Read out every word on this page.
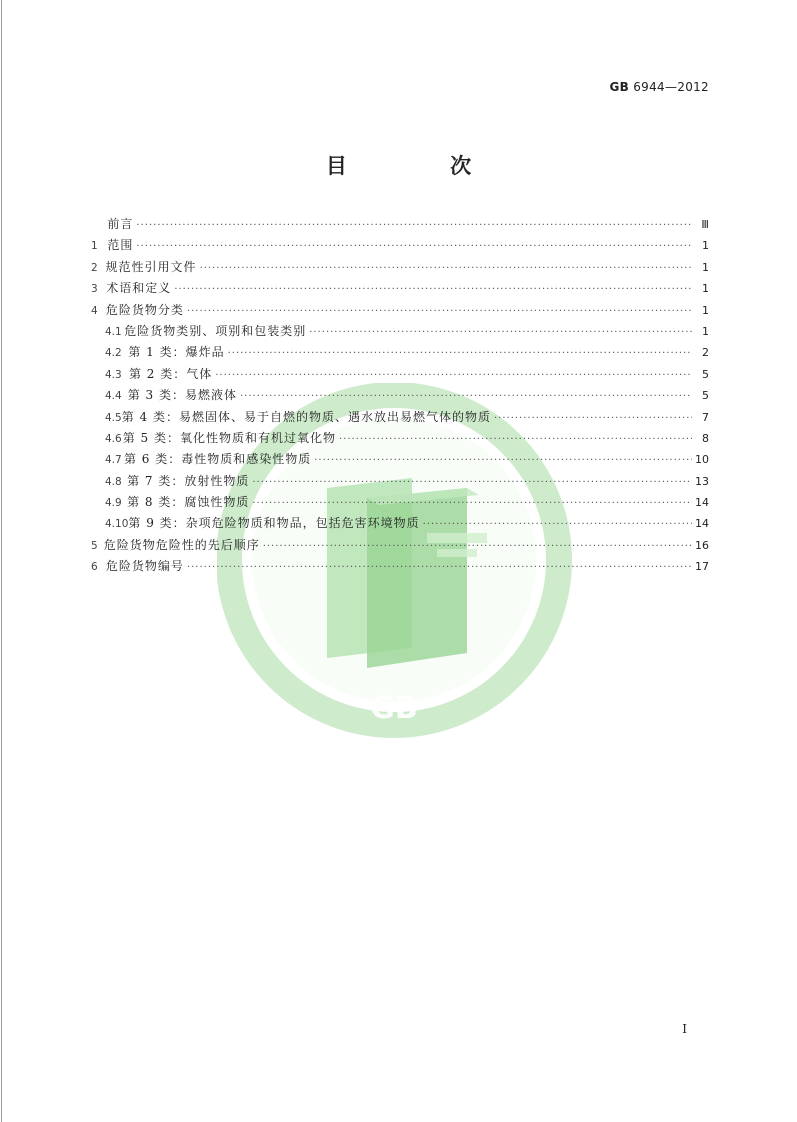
GB 6944—2012
目 次
GB
前言 ·····	Ⅲ
1 范围 ·····	1
2 规范性引用文件 ·····	1
3 术语和定义 ·····	1
4 危险货物分类 ·····	1
4.1 危险货物类别、项别和包装类别 ·····	1
4.2 第 1 类：爆炸品 ·····	2
4.3 第 2 类：气体 ·····	5
4.4 第 3 类：易燃液体 ·····	5
4.5 第 4 类：易燃固体、易于自燃的物质、遇水放出易燃气体的物质 ·····	7
4.6 第 5 类：氧化性物质和有机过氧化物 ·····	8
4.7 第 6 类：毒性物质和感染性物质 ·····	10
4.8 第 7 类：放射性物质 ·····	13
4.9 第 8 类：腐蚀性物质 ·····	14
4.10 第 9 类：杂项危险物质和物品，包括危害环境物质 ·····	14
5 危险货物危险性的先后顺序 ·····	16
6 危险货物编号 ·····	17
Ⅰ
